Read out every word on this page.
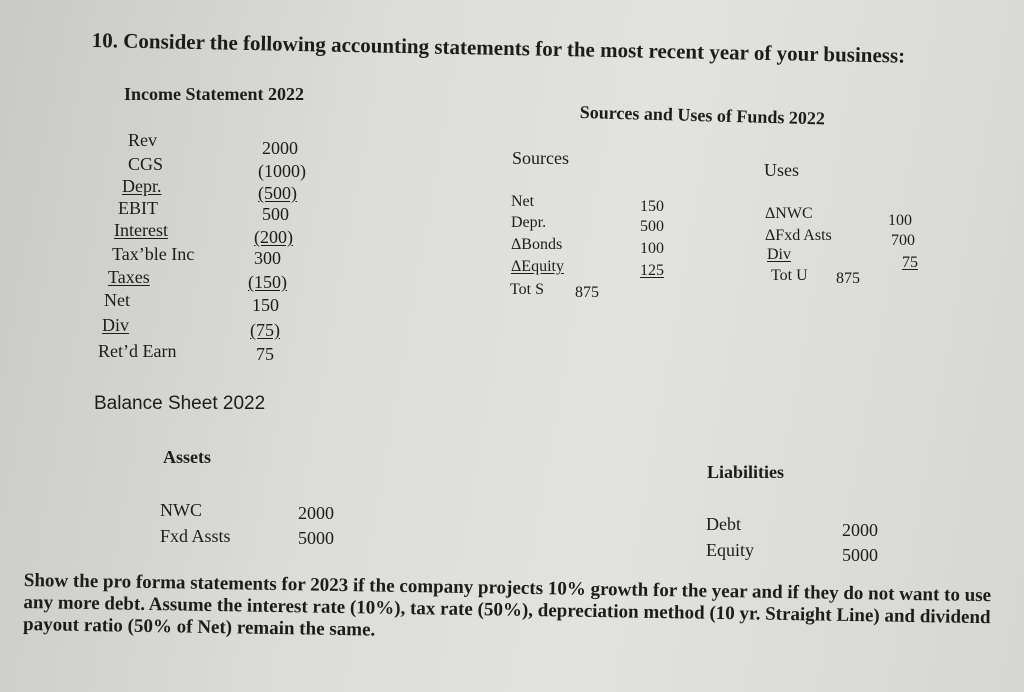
10. Consider the following accounting statements for the most recent year of your business:
Income Statement 2022
Rev	2000
CGS	(1000)
Depr.	(500)
EBIT	500
Interest	(200)
Tax’ble Inc	300
Taxes	(150)
Net	150
Div	(75)
Ret’d Earn	75
Sources and Uses of Funds 2022
Sources
Uses
Net	150
Depr.	500
ΔBonds	100
ΔEquity	125
Tot S 875
ΔNWC	100
ΔFxd Asts	700
Div	75
Tot U 875
Balance Sheet 2022
Assets
Liabilities
NWC	2000
Fxd Assts	5000
Debt	2000
Equity	5000
Show the pro forma statements for 2023 if the company projects 10% growth for the year and if they do not want to use any more debt. Assume the interest rate (10%), tax rate (50%), depreciation method (10 yr. Straight Line) and dividend payout ratio (50% of Net) remain the same.
